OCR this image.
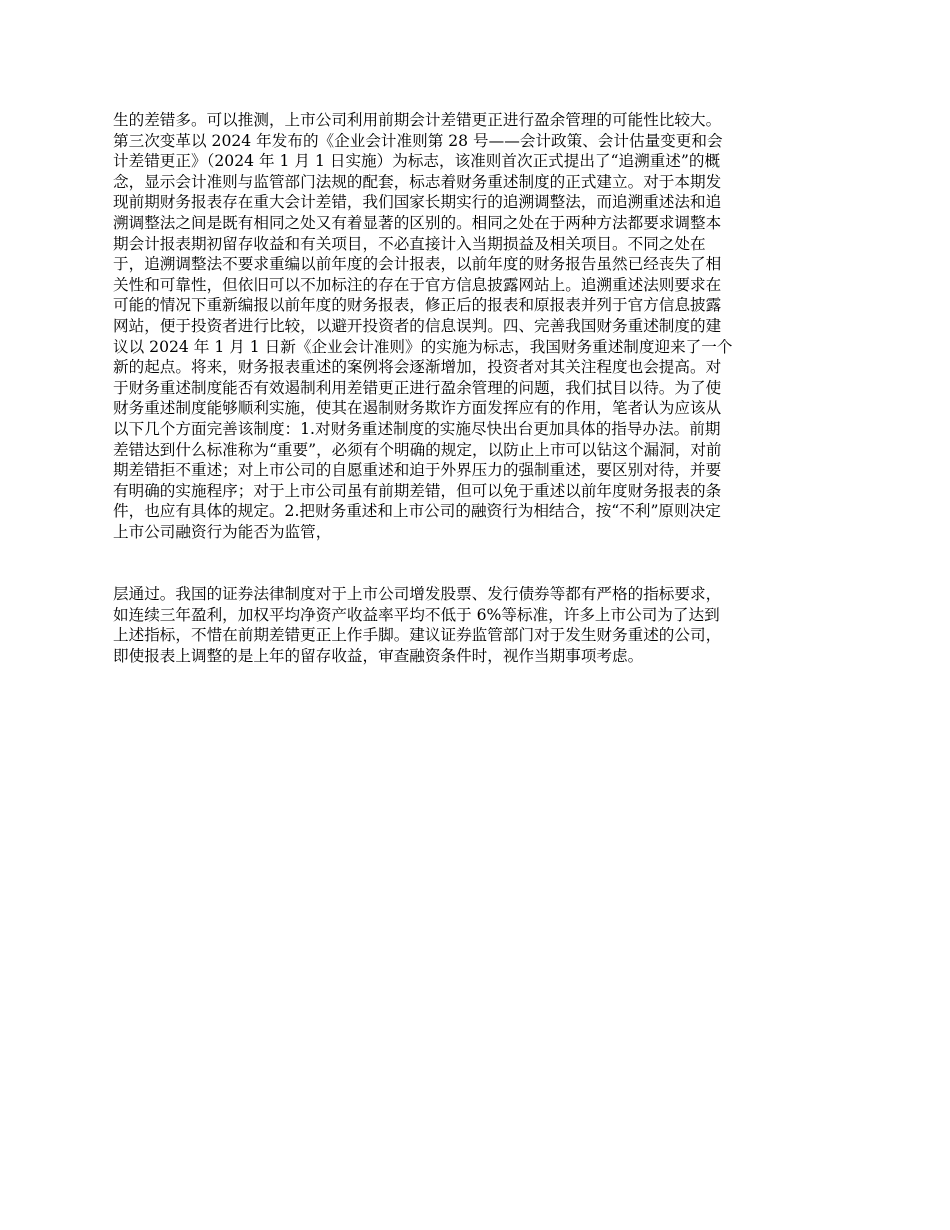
生的差错多。可以推测，上市公司利用前期会计差错更正进行盈余管理的可能性比较大。
第三次变革以 2024 年发布的《企业会计准则第 28 号——会计政策、会计估量变更和会
计差错更正》（2024 年 1 月 1 日实施）为标志，该准则首次正式提出了“追溯重述”的概
念，显示会计准则与监管部门法规的配套，标志着财务重述制度的正式建立。对于本期发
现前期财务报表存在重大会计差错，我们国家长期实行的追溯调整法，而追溯重述法和追
溯调整法之间是既有相同之处又有着显著的区别的。相同之处在于两种方法都要求调整本
期会计报表期初留存收益和有关项目，不必直接计入当期损益及相关项目。不同之处在
于，追溯调整法不要求重编以前年度的会计报表，以前年度的财务报告虽然已经丧失了相
关性和可靠性，但依旧可以不加标注的存在于官方信息披露网站上。追溯重述法则要求在
可能的情况下重新编报以前年度的财务报表，修正后的报表和原报表并列于官方信息披露
网站，便于投资者进行比较，以避开投资者的信息误判。四、完善我国财务重述制度的建
议以 2024 年 1 月 1 日新《企业会计准则》的实施为标志，我国财务重述制度迎来了一个
新的起点。将来，财务报表重述的案例将会逐渐增加，投资者对其关注程度也会提高。对
于财务重述制度能否有效遏制利用差错更正进行盈余管理的问题，我们拭目以待。为了使
财务重述制度能够顺利实施，使其在遏制财务欺诈方面发挥应有的作用，笔者认为应该从
以下几个方面完善该制度：1.对财务重述制度的实施尽快出台更加具体的指导办法。前期
差错达到什么标准称为“重要”，必须有个明确的规定，以防止上市可以钻这个漏洞，对前
期差错拒不重述；对上市公司的自愿重述和迫于外界压力的强制重述，要区别对待，并要
有明确的实施程序；对于上市公司虽有前期差错，但可以免于重述以前年度财务报表的条
件，也应有具体的规定。2.把财务重述和上市公司的融资行为相结合，按“不利”原则决定
上市公司融资行为能否为监管，
层通过。我国的证券法律制度对于上市公司增发股票、发行债券等都有严格的指标要求，
如连续三年盈利，加权平均净资产收益率平均不低于 6%等标准，许多上市公司为了达到
上述指标，不惜在前期差错更正上作手脚。建议证券监管部门对于发生财务重述的公司，
即使报表上调整的是上年的留存收益，审查融资条件时，视作当期事项考虑。
